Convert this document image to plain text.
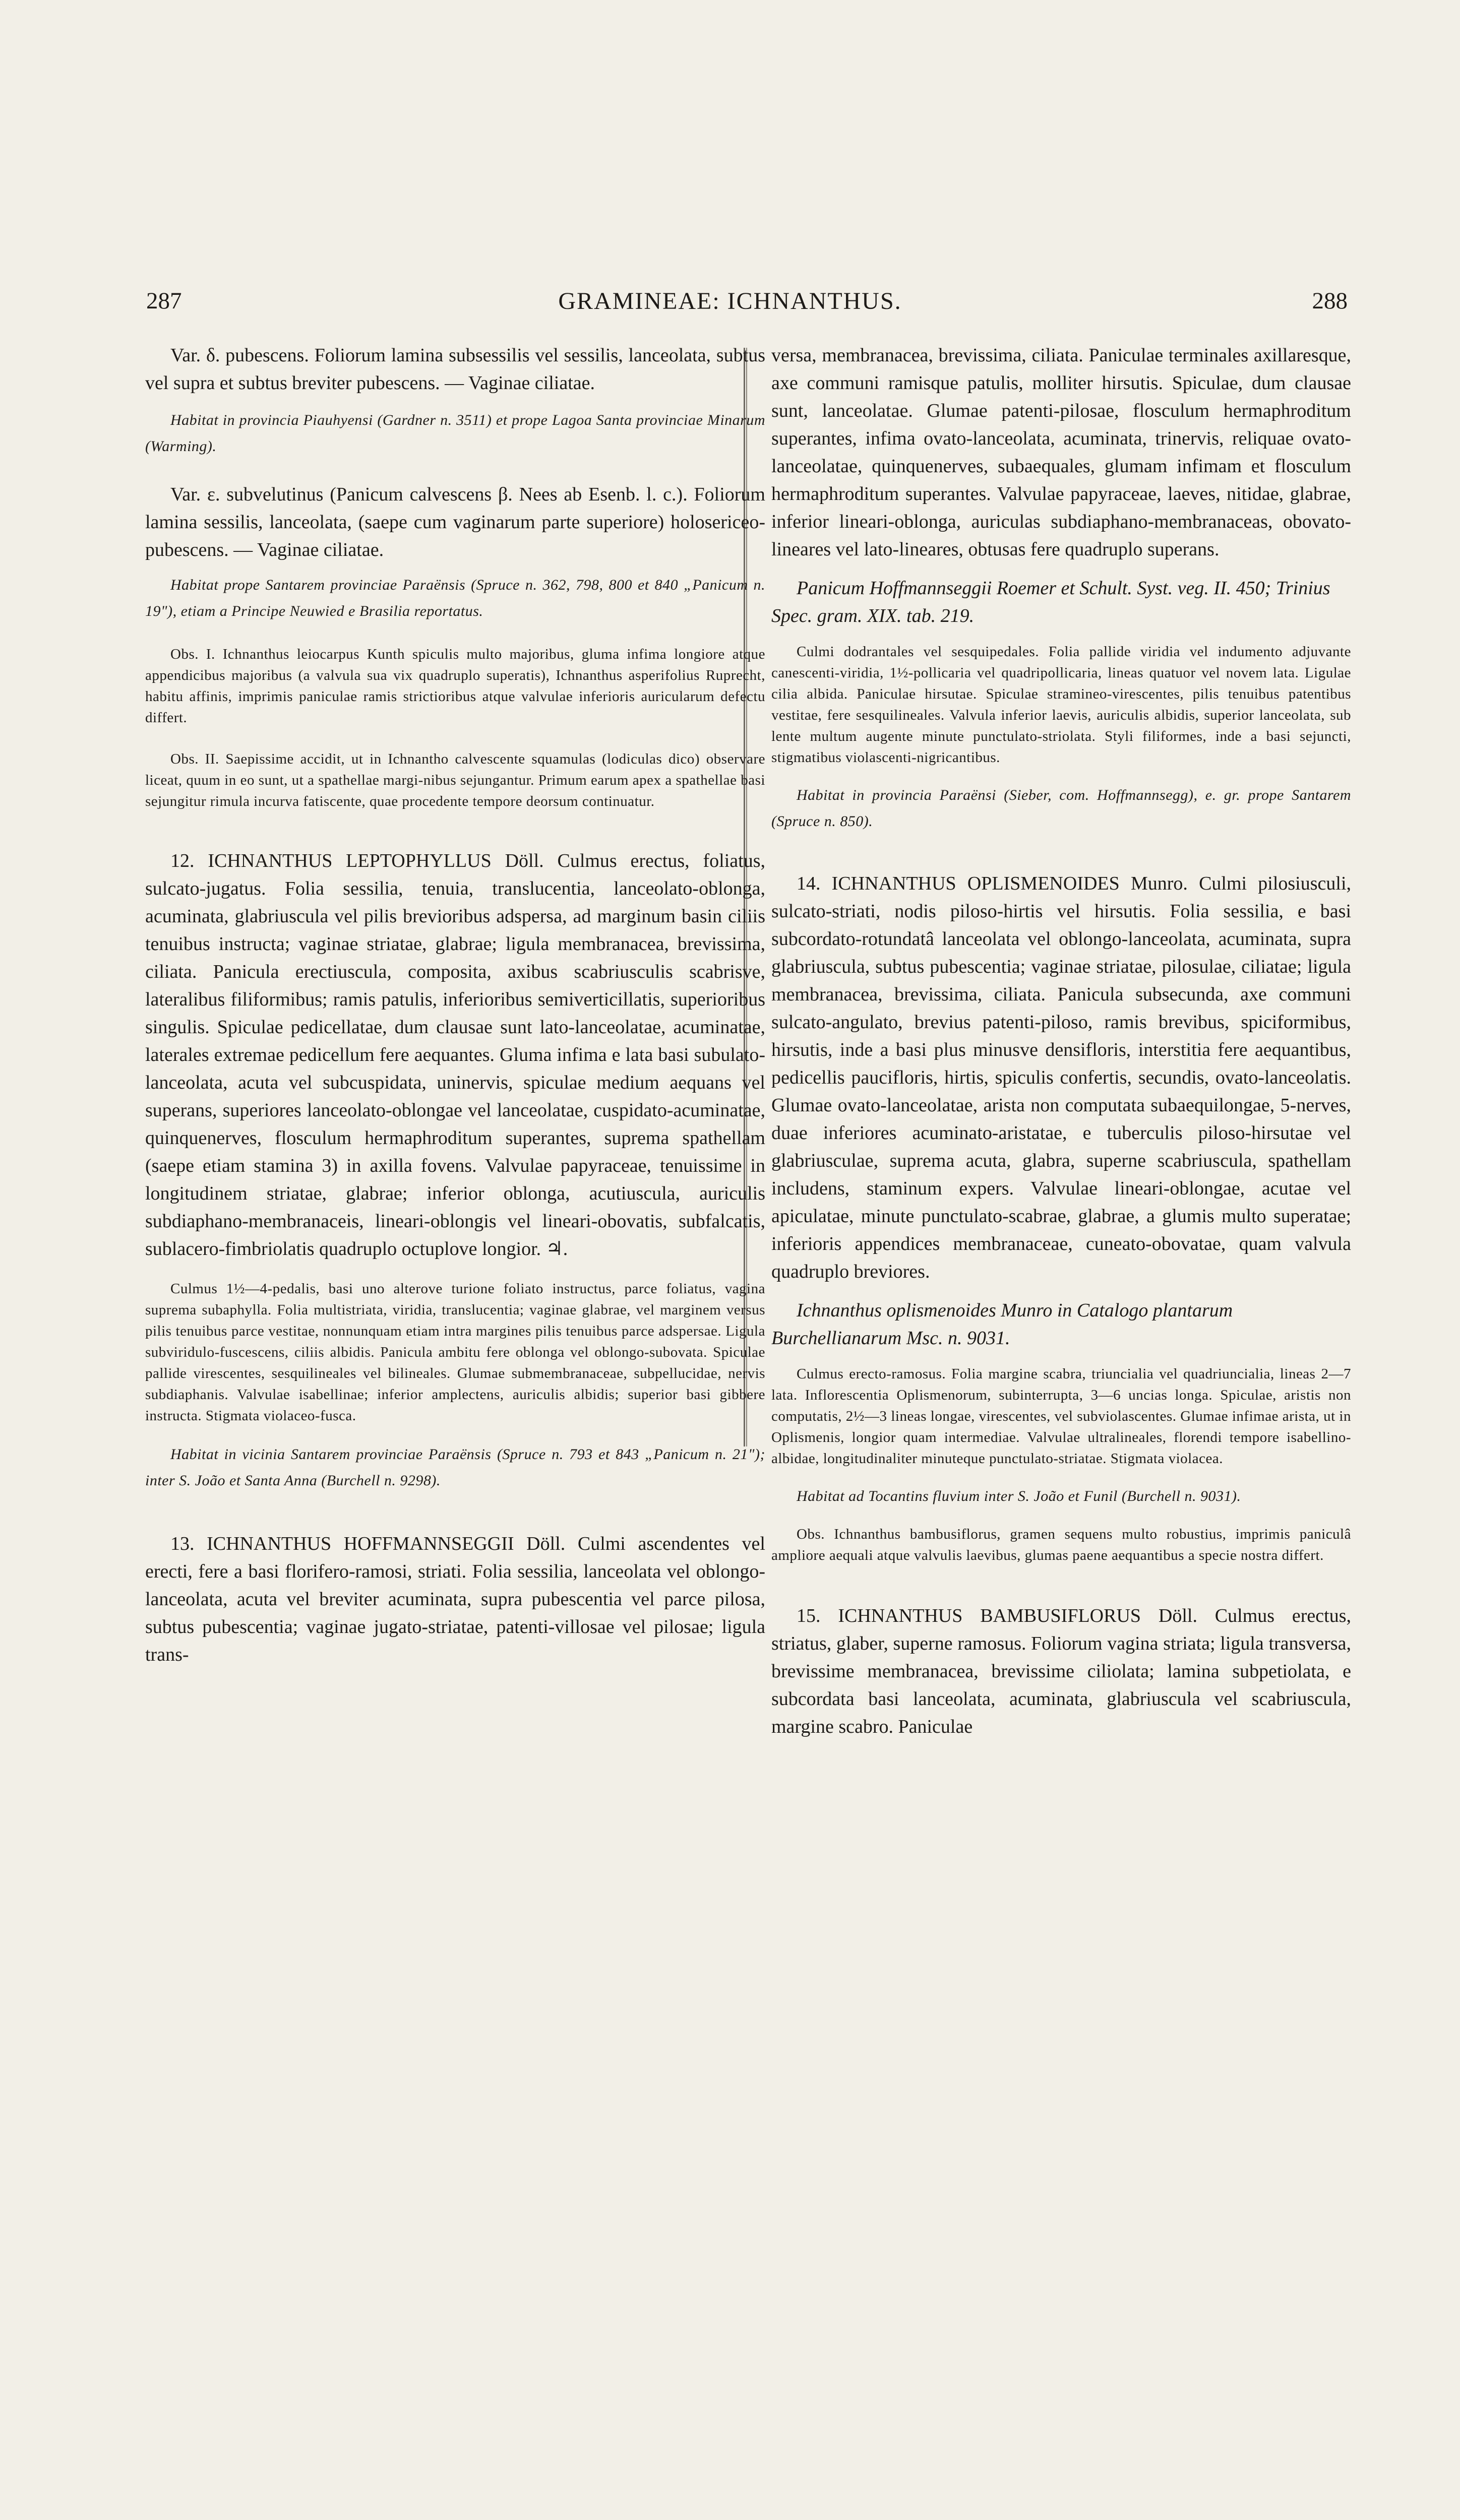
287	GRAMINEAE: ICHNANTHUS.	288

Var. δ. pubescens. Foliorum lamina subsessilis vel sessilis, lanceolata, subtus vel supra et subtus breviter pubescens. — Vaginae ciliatae.

Habitat in provincia Piauhyensi (Gardner n. 3511) et prope Lagoa Santa provinciae Minarum (Warming).

Var. ε. subvelutinus (Panicum calvescens β. Nees ab Esenb. l. c.). Foliorum lamina sessilis, lanceolata, (saepe cum vaginarum parte superiore) holosericeo-pubescens. — Vaginae ciliatae.

Habitat prope Santarem provinciae Paraënsis (Spruce n. 362, 798, 800 et 840 „Panicum n. 19"), etiam a Principe Neuwied e Brasilia reportatus.

Obs. I. Ichnanthus leiocarpus Kunth spiculis multo majoribus, gluma infima longiore atque appendicibus majoribus (a valvula sua vix quadruplo superatis), Ichnanthus asperifolius Ruprecht, habitu affinis, imprimis paniculae ramis strictioribus atque valvulae inferioris auricularum defectu differt.

Obs. II. Saepissime accidit, ut in Ichnantho calvescente squamulas (lodiculas dico) observare liceat, quum in eo sunt, ut a spathellae margi-nibus sejungantur. Primum earum apex a spathellae basi sejungitur rimula incurva fatiscente, quae procedente tempore deorsum continuatur.

12. ICHNANTHUS LEPTOPHYLLUS Döll. Culmus erectus, foliatus, sulcato-jugatus. Folia sessilia, tenuia, translucentia, lanceolato-oblonga, acuminata, glabriuscula vel pilis brevioribus adspersa, ad marginum basin ciliis tenuibus instructa; vaginae striatae, glabrae; ligula membranacea, brevissima, ciliata. Panicula erectiuscula, composita, axibus scabriusculis scabrisve, lateralibus filiformibus; ramis patulis, inferioribus semiverticillatis, superioribus singulis. Spiculae pedicellatae, dum clausae sunt lato-lanceolatae, acuminatae, laterales extremae pedicellum fere aequantes. Gluma infima e lata basi subulato-lanceolata, acuta vel subcuspidata, uninervis, spiculae medium aequans vel superans, superiores lanceolato-oblongae vel lanceolatae, cuspidato-acuminatae, quinquenerves, flosculum hermaphroditum superantes, suprema spathellam (saepe etiam stamina 3) in axilla fovens. Valvulae papyraceae, tenuissime in longitudinem striatae, glabrae; inferior oblonga, acutiuscula, auriculis subdiaphano-membranaceis, lineari-oblongis vel lineari-obovatis, subfalcatis, sublacero-fimbriolatis quadruplo octuplove longior. ♃.

Culmus 1½—4-pedalis, basi uno alterove turione foliato instructus, parce foliatus, vagina suprema subaphylla. Folia multistriata, viridia, translucentia; vaginae glabrae, vel marginem versus pilis tenuibus parce vestitae, nonnunquam etiam intra margines pilis tenuibus parce adspersae. Ligula subviridulo-fuscescens, ciliis albidis. Panicula ambitu fere oblonga vel oblongo-subovata. Spiculae pallide virescentes, sesquilineales vel bilineales. Glumae submembranaceae, subpellucidae, nervis subdiaphanis. Valvulae isabellinae; inferior amplectens, auriculis albidis; superior basi gibbere instructa. Stigmata violaceo-fusca.

Habitat in vicinia Santarem provinciae Paraënsis (Spruce n. 793 et 843 „Panicum n. 21"); inter S. João et Santa Anna (Burchell n. 9298).

13. ICHNANTHUS HOFFMANNSEGGII Döll. Culmi ascendentes vel erecti, fere a basi florifero-ramosi, striati. Folia sessilia, lanceolata vel oblongo-lanceolata, acuta vel breviter acuminata, supra pubescentia vel parce pilosa, subtus pubescentia; vaginae jugato-striatae, patenti-villosae vel pilosae; ligula trans-

versa, membranacea, brevissima, ciliata. Paniculae terminales axillaresque, axe communi ramisque patulis, molliter hirsutis. Spiculae, dum clausae sunt, lanceolatae. Glumae patenti-pilosae, flosculum hermaphroditum superantes, infima ovato-lanceolata, acuminata, trinervis, reliquae ovato-lanceolatae, quinquenerves, subaequales, glumam infimam et flosculum hermaphroditum superantes. Valvulae papyraceae, laeves, nitidae, glabrae, inferior lineari-oblonga, auriculas subdiaphano-membranaceas, obovato-lineares vel lato-lineares, obtusas fere quadruplo superans.

Panicum Hoffmannseggii Roemer et Schult. Syst. veg. II. 450; Trinius Spec. gram. XIX. tab. 219.

Culmi dodrantales vel sesquipedales. Folia pallide viridia vel indumento adjuvante canescenti-viridia, 1½-pollicaria vel quadripollicaria, lineas quatuor vel novem lata. Ligulae cilia albida. Paniculae hirsutae. Spiculae stramineo-virescentes, pilis tenuibus patentibus vestitae, fere sesquilineales. Valvula inferior laevis, auriculis albidis, superior lanceolata, sub lente multum augente minute punctulato-striolata. Styli filiformes, inde a basi sejuncti, stigmatibus violascenti-nigricantibus.

Habitat in provincia Paraënsi (Sieber, com. Hoffmannsegg), e. gr. prope Santarem (Spruce n. 850).

14. ICHNANTHUS OPLISMENOIDES Munro. Culmi pilosiusculi, sulcato-striati, nodis piloso-hirtis vel hirsutis. Folia sessilia, e basi subcordato-rotundatâ lanceolata vel oblongo-lanceolata, acuminata, supra glabriuscula, subtus pubescentia; vaginae striatae, pilosulae, ciliatae; ligula membranacea, brevissima, ciliata. Panicula subsecunda, axe communi sulcato-angulato, brevius patenti-piloso, ramis brevibus, spiciformibus, hirsutis, inde a basi plus minusve densifloris, interstitia fere aequantibus, pedicellis paucifloris, hirtis, spiculis confertis, secundis, ovato-lanceolatis. Glumae ovato-lanceolatae, arista non computata subaequilongae, 5-nerves, duae inferiores acuminato-aristatae, e tuberculis piloso-hirsutae vel glabriusculae, suprema acuta, glabra, superne scabriuscula, spathellam includens, staminum expers. Valvulae lineari-oblongae, acutae vel apiculatae, minute punctulato-scabrae, glabrae, a glumis multo superatae; inferioris appendices membranaceae, cuneato-obovatae, quam valvula quadruplo breviores.

Ichnanthus oplismenoides Munro in Catalogo plantarum Burchellianarum Msc. n. 9031.

Culmus erecto-ramosus. Folia margine scabra, triuncialia vel quadriuncialia, lineas 2—7 lata. Inflorescentia Oplismenorum, subinterrupta, 3—6 uncias longa. Spiculae, aristis non computatis, 2½—3 lineas longae, virescentes, vel subviolascentes. Glumae infimae arista, ut in Oplismenis, longior quam intermediae. Valvulae ultralineales, florendi tempore isabellino-albidae, longitudinaliter minuteque punctulato-striatae. Stigmata violacea.

Habitat ad Tocantins fluvium inter S. João et Funil (Burchell n. 9031).

Obs. Ichnanthus bambusiflorus, gramen sequens multo robustius, imprimis paniculâ ampliore aequali atque valvulis laevibus, glumas paene aequantibus a specie nostra differt.

15. ICHNANTHUS BAMBUSIFLORUS Döll. Culmus erectus, striatus, glaber, superne ramosus. Foliorum vagina striata; ligula transversa, brevissime membranacea, brevissime ciliolata; lamina subpetiolata, e subcordata basi lanceolata, acuminata, glabriuscula vel scabriuscula, margine scabro. Paniculae
